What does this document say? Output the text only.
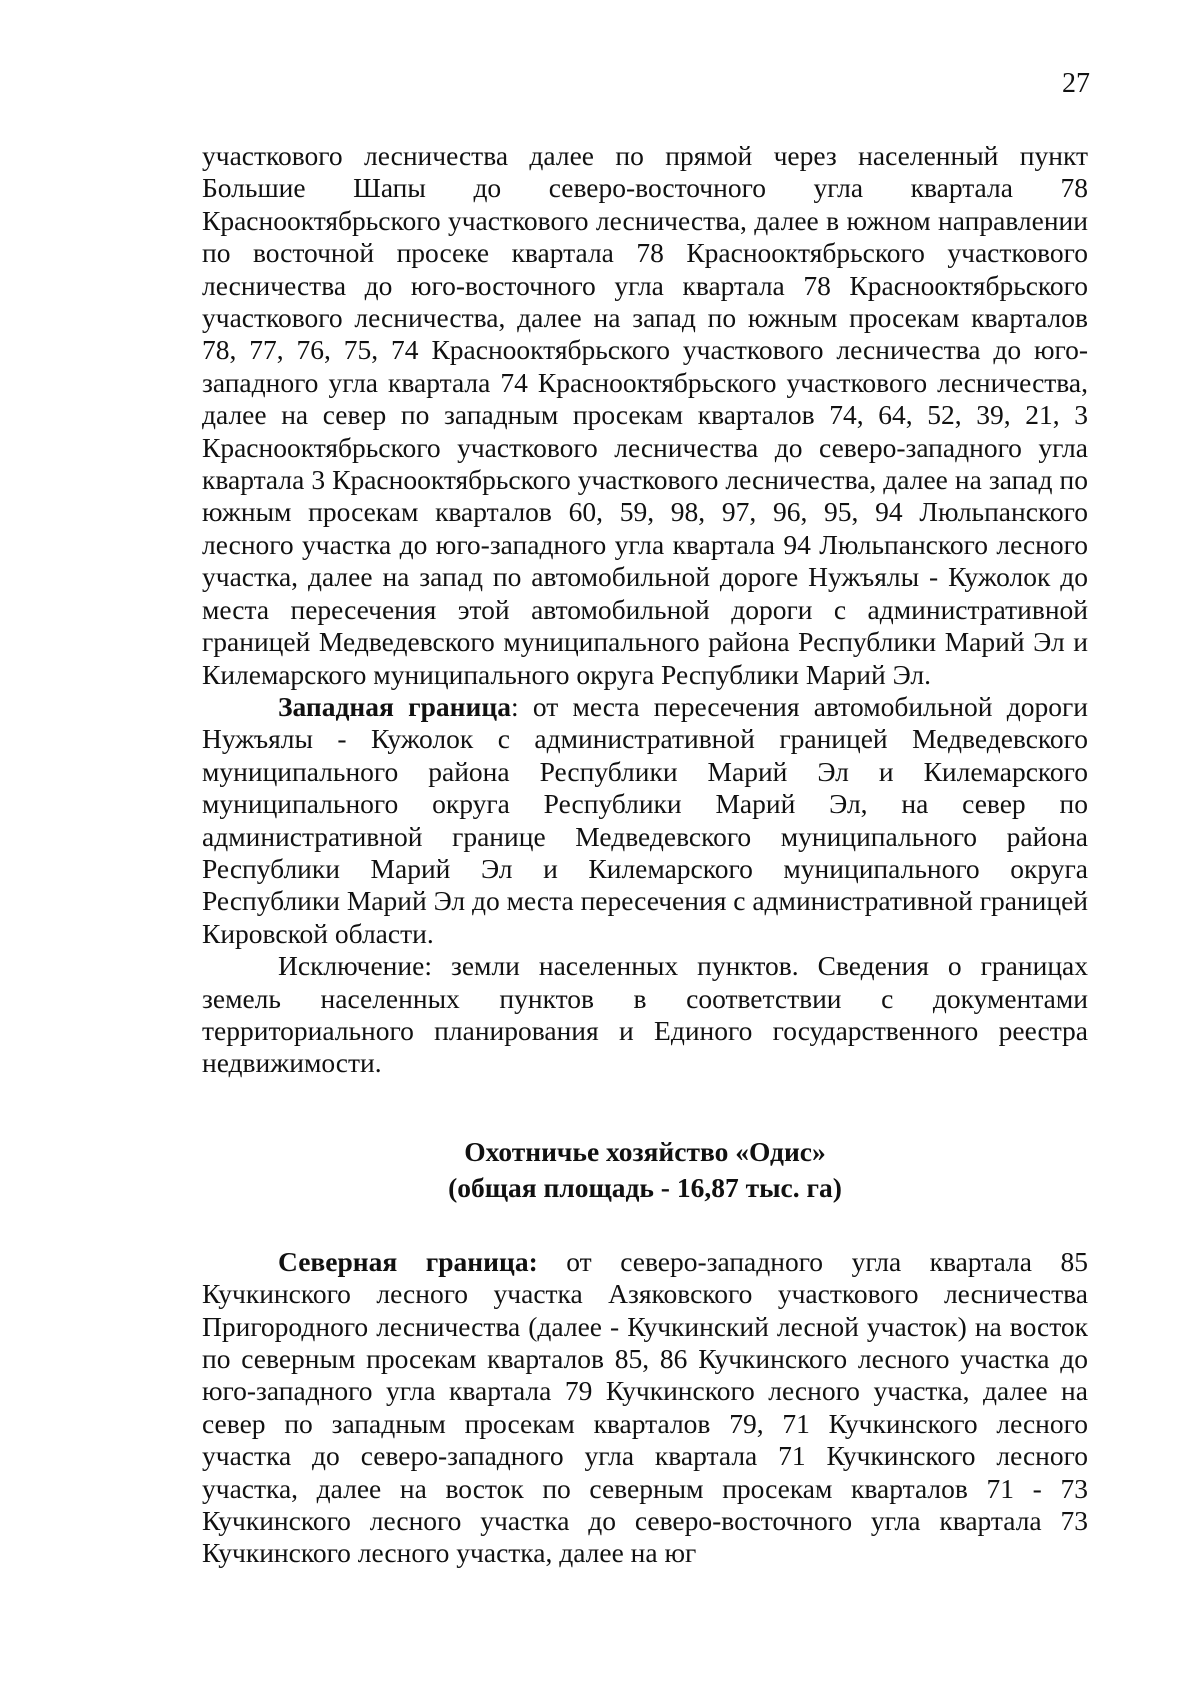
27

участкового лесничества далее по прямой через населенный пункт Большие Шапы до северо-восточного угла квартала 78 Краснооктябрьского участкового лесничества, далее в южном направлении по восточной просеке квартала 78 Краснооктябрьского участкового лесничества до юго-восточного угла квартала 78 Краснооктябрьского участкового лесничества, далее на запад по южным просекам кварталов 78, 77, 76, 75, 74 Краснооктябрьского участкового лесничества до юго-западного угла квартала 74 Краснооктябрьского участкового лесничества, далее на север по западным просекам кварталов 74, 64, 52, 39, 21, 3 Краснооктябрьского участкового лесничества до северо-западного угла квартала 3 Краснооктябрьского участкового лесничества, далее на запад по южным просекам кварталов 60, 59, 98, 97, 96, 95, 94 Люльпанского лесного участка до юго-западного угла квартала 94 Люльпанского лесного участка, далее на запад по автомобильной дороге Нужъялы - Кужолок до места пересечения этой автомобильной дороги с административной границей Медведевского муниципального района Республики Марий Эл и Килемарского муниципального округа Республики Марий Эл.

Западная граница: от места пересечения автомобильной дороги Нужъялы - Кужолок с административной границей Медведевского муниципального района Республики Марий Эл и Килемарского муниципального округа Республики Марий Эл, на север по административной границе Медведевского муниципального района Республики Марий Эл и Килемарского муниципального округа Республики Марий Эл до места пересечения с административной границей Кировской области.

Исключение: земли населенных пунктов. Сведения о границах земель населенных пунктов в соответствии с документами территориального планирования и Единого государственного реестра недвижимости.

Охотничье хозяйство «Одис»
(общая площадь - 16,87 тыс. га)

Северная граница: от северо-западного угла квартала 85 Кучкинского лесного участка Азяковского участкового лесничества Пригородного лесничества (далее - Кучкинский лесной участок) на восток по северным просекам кварталов 85, 86 Кучкинского лесного участка до юго-западного угла квартала 79 Кучкинского лесного участка, далее на север по западным просекам кварталов 79, 71 Кучкинского лесного участка до северо-западного угла квартала 71 Кучкинского лесного участка, далее на восток по северным просекам кварталов 71 - 73 Кучкинского лесного участка до северо-восточного угла квартала 73 Кучкинского лесного участка, далее на юг
